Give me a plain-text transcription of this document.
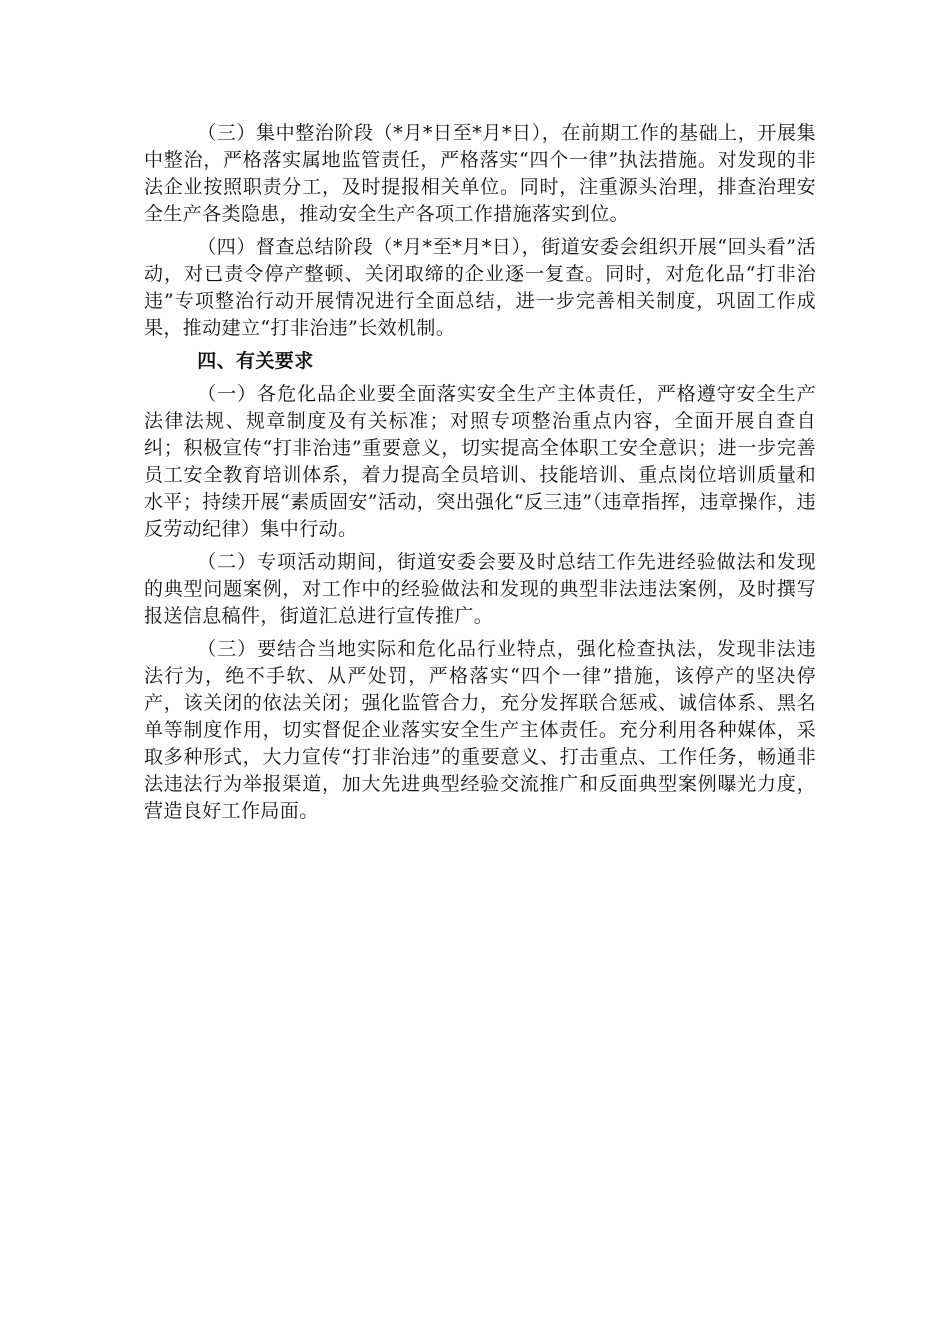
（三）集中整治阶段（*月*日至*月*日），在前期工作的基础上，开展集中整治，严格落实属地监管责任，严格落实“四个一律”执法措施。对发现的非法企业按照职责分工，及时提报相关单位。同时，注重源头治理，排查治理安全生产各类隐患，推动安全生产各项工作措施落实到位。

（四）督查总结阶段（*月*至*月*日），街道安委会组织开展“回头看”活动，对已责令停产整顿、关闭取缔的企业逐一复查。同时，对危化品“打非治违”专项整治行动开展情况进行全面总结，进一步完善相关制度，巩固工作成果，推动建立“打非治违”长效机制。

四、有关要求

（一）各危化品企业要全面落实安全生产主体责任，严格遵守安全生产法律法规、规章制度及有关标准；对照专项整治重点内容，全面开展自查自纠；积极宣传“打非治违”重要意义，切实提高全体职工安全意识；进一步完善员工安全教育培训体系，着力提高全员培训、技能培训、重点岗位培训质量和水平；持续开展“素质固安”活动，突出强化“反三违”（违章指挥，违章操作，违反劳动纪律）集中行动。

（二）专项活动期间，街道安委会要及时总结工作先进经验做法和发现的典型问题案例，对工作中的经验做法和发现的典型非法违法案例，及时撰写报送信息稿件，街道汇总进行宣传推广。

（三）要结合当地实际和危化品行业特点，强化检查执法，发现非法违法行为，绝不手软、从严处罚，严格落实“四个一律”措施，该停产的坚决停产，该关闭的依法关闭；强化监管合力，充分发挥联合惩戒、诚信体系、黑名单等制度作用，切实督促企业落实安全生产主体责任。充分利用各种媒体，采取多种形式，大力宣传“打非治违”的重要意义、打击重点、工作任务，畅通非法违法行为举报渠道，加大先进典型经验交流推广和反面典型案例曝光力度，营造良好工作局面。
